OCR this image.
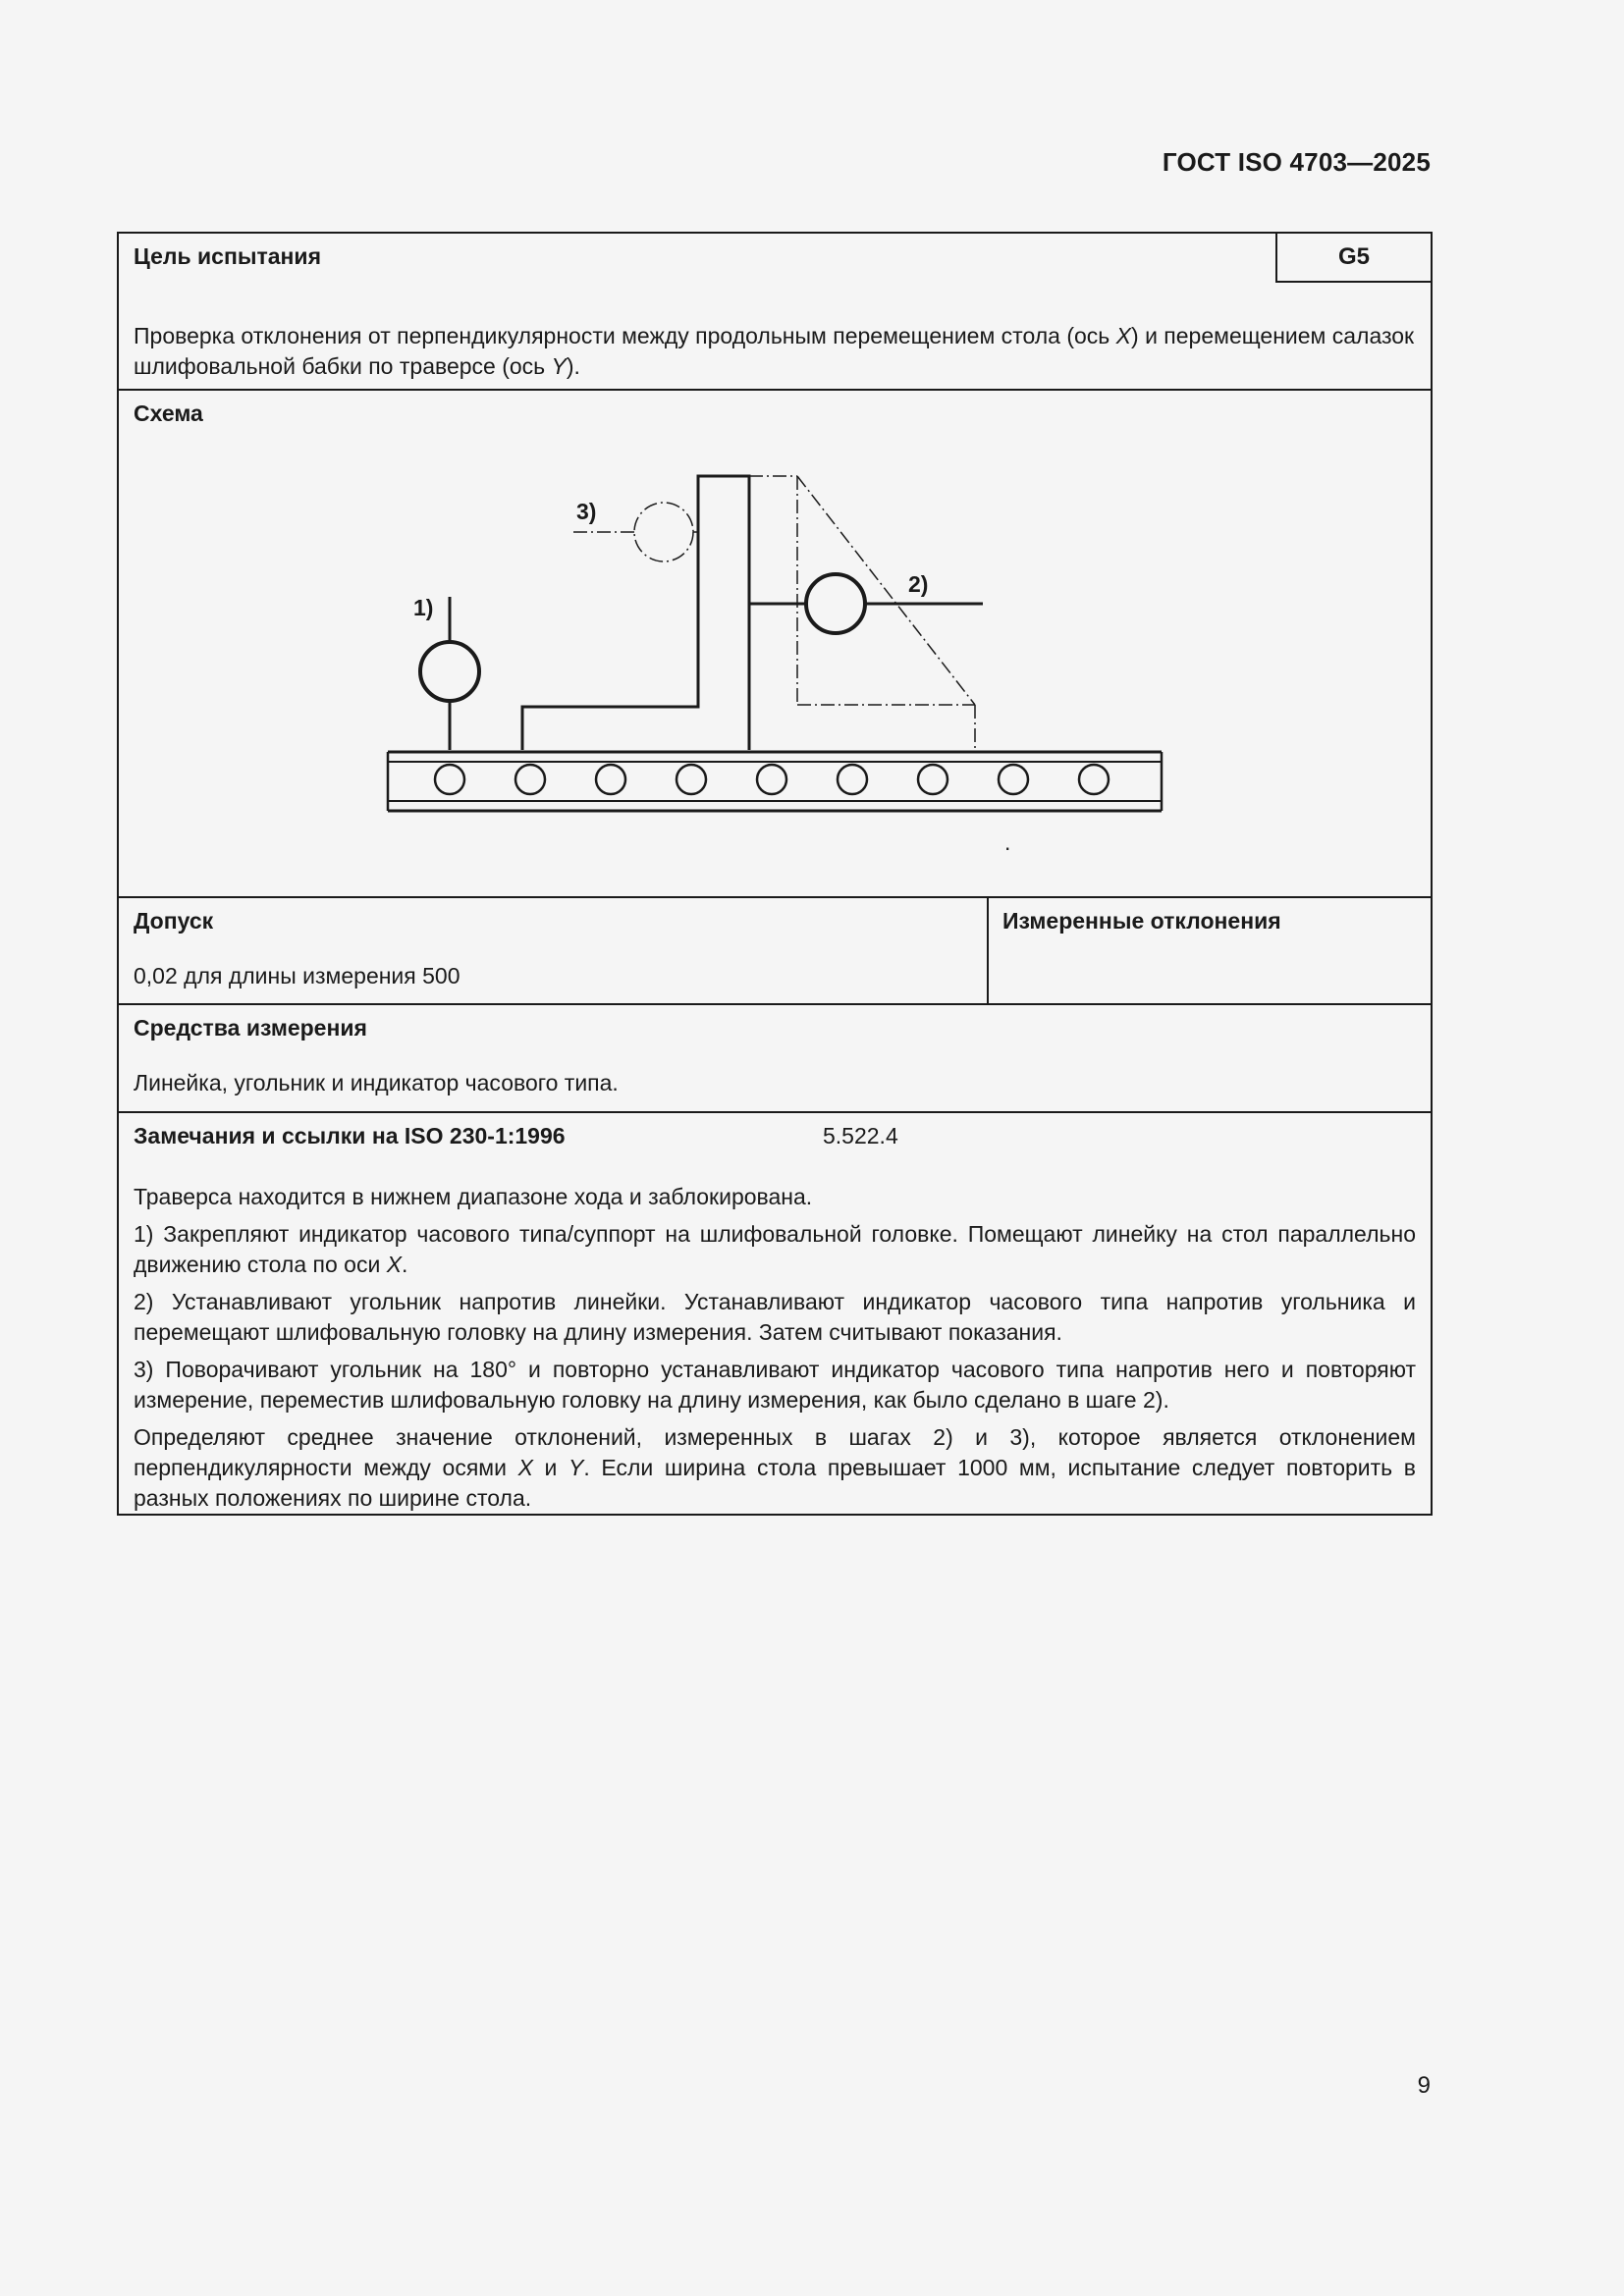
ГОСТ ISO 4703—2025
Цель испытания	G5
Проверка отклонения от перпендикулярности между продольным перемещением стола (ось X) и перемещением салазок шлифовальной бабки по траверсе (ось Y).
1)
2)
3)
.
Схема
Допуск
0,02 для длины измерения 500
Измеренные отклонения
Средства измерения
Линейка, угольник и индикатор часового типа.
Замечания и ссылки на ISO 230-1:1996	5.522.4

Траверса находится в нижнем диапазоне хода и заблокирована.

1) Закрепляют индикатор часового типа/суппорт на шлифовальной головке. Помещают линейку на стол параллельно движению стола по оси X.

2) Устанавливают угольник напротив линейки. Устанавливают индикатор часового типа напротив угольника и перемещают шлифовальную головку на длину измерения. Затем считывают показания.

3) Поворачивают угольник на 180° и повторно устанавливают индикатор часового типа напротив него и повторяют измерение, переместив шлифовальную головку на длину измерения, как было сделано в шаге 2).

Определяют среднее значение отклонений, измеренных в шагах 2) и 3), которое является отклонением перпендикулярности между осями X и Y. Если ширина стола превышает 1000 мм, испытание следует повторить в разных положениях по ширине стола.

9
